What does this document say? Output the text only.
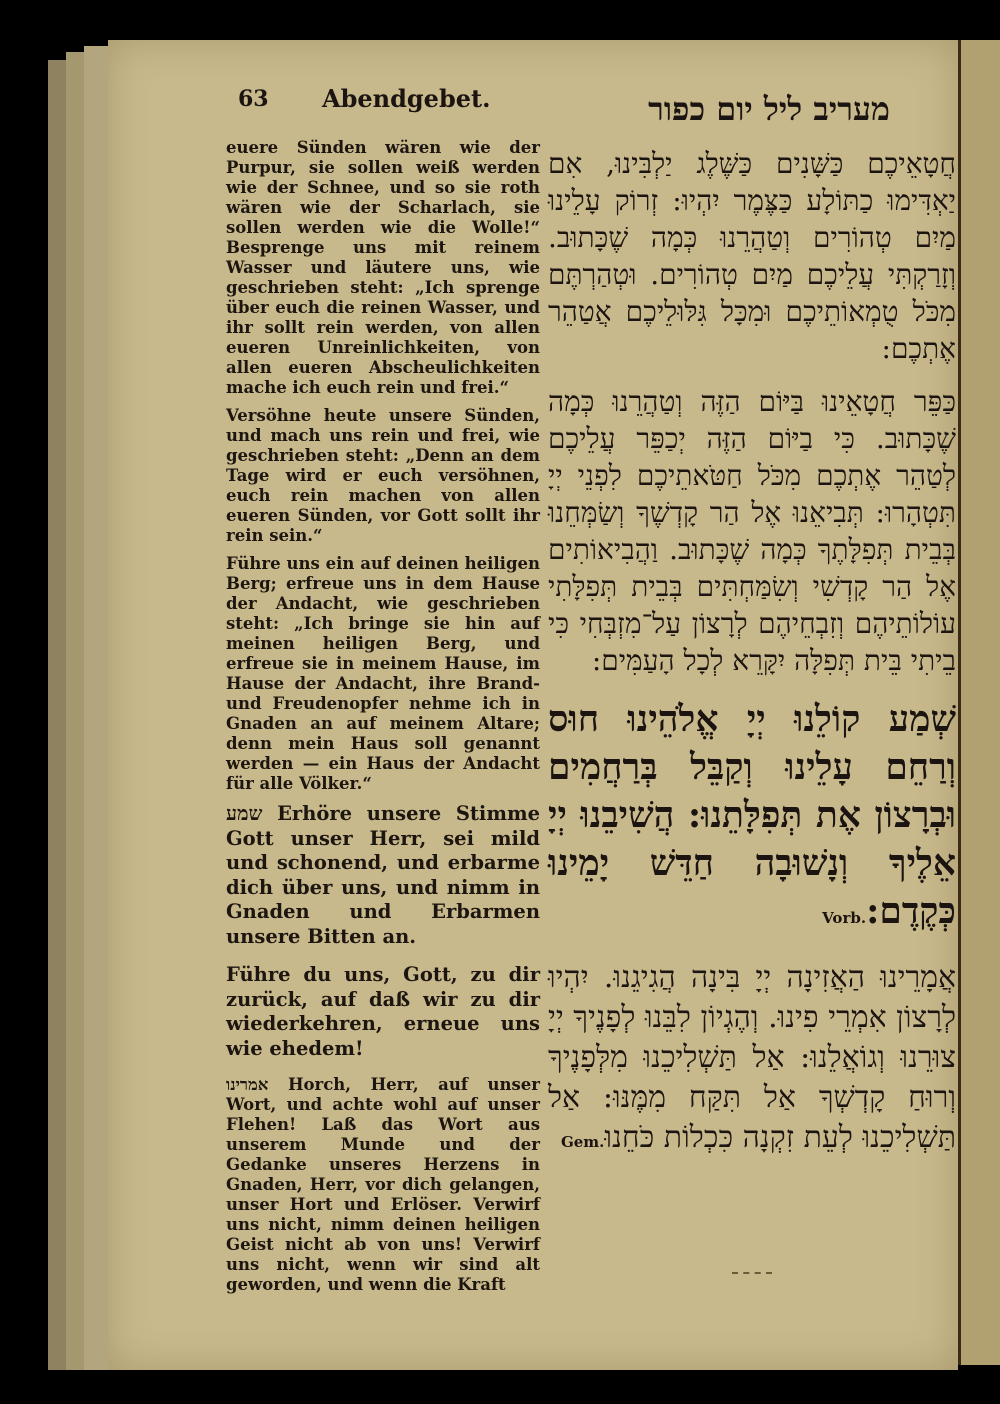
63 Abendgebet.	מעריב ליל יום כפור

euere Sünden wären wie der Purpur, sie sollen weiß werden wie der Schnee, und so sie roth wären wie der Scharlach, sie sollen werden wie die Wolle!“ Besprenge uns mit reinem Wasser und läutere uns, wie geschrieben steht: „Ich sprenge über euch die reinen Wasser, und ihr sollt rein werden, von allen eueren Unreinlichkeiten, von allen eueren Abscheulichkeiten mache ich euch rein und frei.“

Versöhne heute unsere Sünden, und mach uns rein und frei, wie geschrieben steht: „Denn an dem Tage wird er euch versöhnen, euch rein machen von allen eueren Sünden, vor Gott sollt ihr rein sein.“

Führe uns ein auf deinen heiligen Berg; erfreue uns in dem Hause der Andacht, wie geschrieben steht: „Ich bringe sie hin auf meinen heiligen Berg, und erfreue sie in meinem Hause, im Hause der Andacht, ihre Brand- und Freudenopfer nehme ich in Gnaden an auf meinem Altare; denn mein Haus soll genannt werden — ein Haus der Andacht für alle Völker.“

שמע Erhöre unsere Stimme Gott unser Herr, sei mild und schonend, und erbarme dich über uns, und nimm in Gnaden und Erbarmen unsere Bitten an.

Führe du uns, Gott, zu dir zurück, auf daß wir zu dir wiederkehren, erneue uns wie ehedem!

אמרינו Horch, Herr, auf unser Wort, und achte wohl auf unser Flehen! Laß das Wort aus unserem Munde und der Gedanke unseres Herzens in Gnaden, Herr, vor dich gelangen, unser Hort und Erlöser. Verwirf uns nicht, nimm deinen heiligen Geist nicht ab von uns! Verwirf uns nicht, wenn wir sind alt geworden, und wenn die Kraft

חֲטָאֵיכֶם כַּשָּׁנִים כַּשֶּׁלֶג יַלְבִּינוּ, אִם יַאְדִּימוּ כַתּוֹלָע כַּצֶּמֶר יִהְיוּ: זְרוֹק עָלֵינוּ מַיִם טְהוֹרִים וְטַהֲרֵנוּ כְּמָה שֶׁכָּתוּב. וְזָרַקְתִּי עֲלֵיכֶם מַיִם טְהוֹרִים. וּטְהַרְתֶּם מִכֹּל טֻמְאוֹתֵיכֶם וּמִכָּל גִּלּוּלֵיכֶם אֲטַהֵר אֶתְכֶם:

כַּפֵּר חֲטָאֵינוּ בַּיּוֹם הַזֶּה וְטַהֲרֵנוּ כְּמָה שֶׁכָּתוּב. כִּי בַיּוֹם הַזֶּה יְכַפֵּר עֲלֵיכֶם לְטַהֵר אֶתְכֶם מִכֹּל חַטֹּאתֵיכֶם לִפְנֵי יְיָ תִּטְהָרוּ: תְּבִיאֵנוּ אֶל הַר קָדְשֶׁךָ וְשַׂמְּחֵנוּ בְּבֵית תְּפִלָּתֶךָ כְּמָה שֶׁכָּתוּב. וַהֲבִיאוֹתִים אֶל הַר קָדְשִׁי וְשִׂמַּחְתִּים בְּבֵית תְּפִלָּתִי עוֹלוֹתֵיהֶם וְזִבְחֵיהֶם לְרָצוֹן עַל־מִזְבְּחִי כִּי בֵיתִי בֵּית תְּפִלָּה יִקָּרֵא לְכָל הָעַמִּים:

שְׁמַע קוֹלֵנוּ יְיָ אֱלֹהֵינוּ חוּס וְרַחֵם עָלֵינוּ וְקַבֵּל בְּרַחֲמִים וּבְרָצוֹן אֶת תְּפִלָּתֵנוּ: הֲשִׁיבֵנוּ יְיָ אֵלֶיךָ וְנָשׁוּבָה חַדֵּשׁ יָמֵינוּ כְּקֶדֶם:Vorb.

אֲמָרֵינוּ הַאֲזִינָה יְיָ בִּינָה הֲגִיגֵנוּ. יִהְיוּ לְרָצוֹן אִמְרֵי פִינוּ. וְהֶגְיוֹן לִבֵּנוּ לְפָנֶיךָ יְיָ צוּרֵנוּ וְגוֹאֲלֵנוּ: אַל תַּשְׁלִיכֵנוּ מִלְּפָנֶיךָ וְרוּחַ קָדְשְׁךָ אַל תִּקַּח מִמֶּנּוּ: אַל תַּשְׁלִיכֵנוּ לְעֵת זִקְנָה כִּכְלוֹת כֹּחֵנוּGem.
